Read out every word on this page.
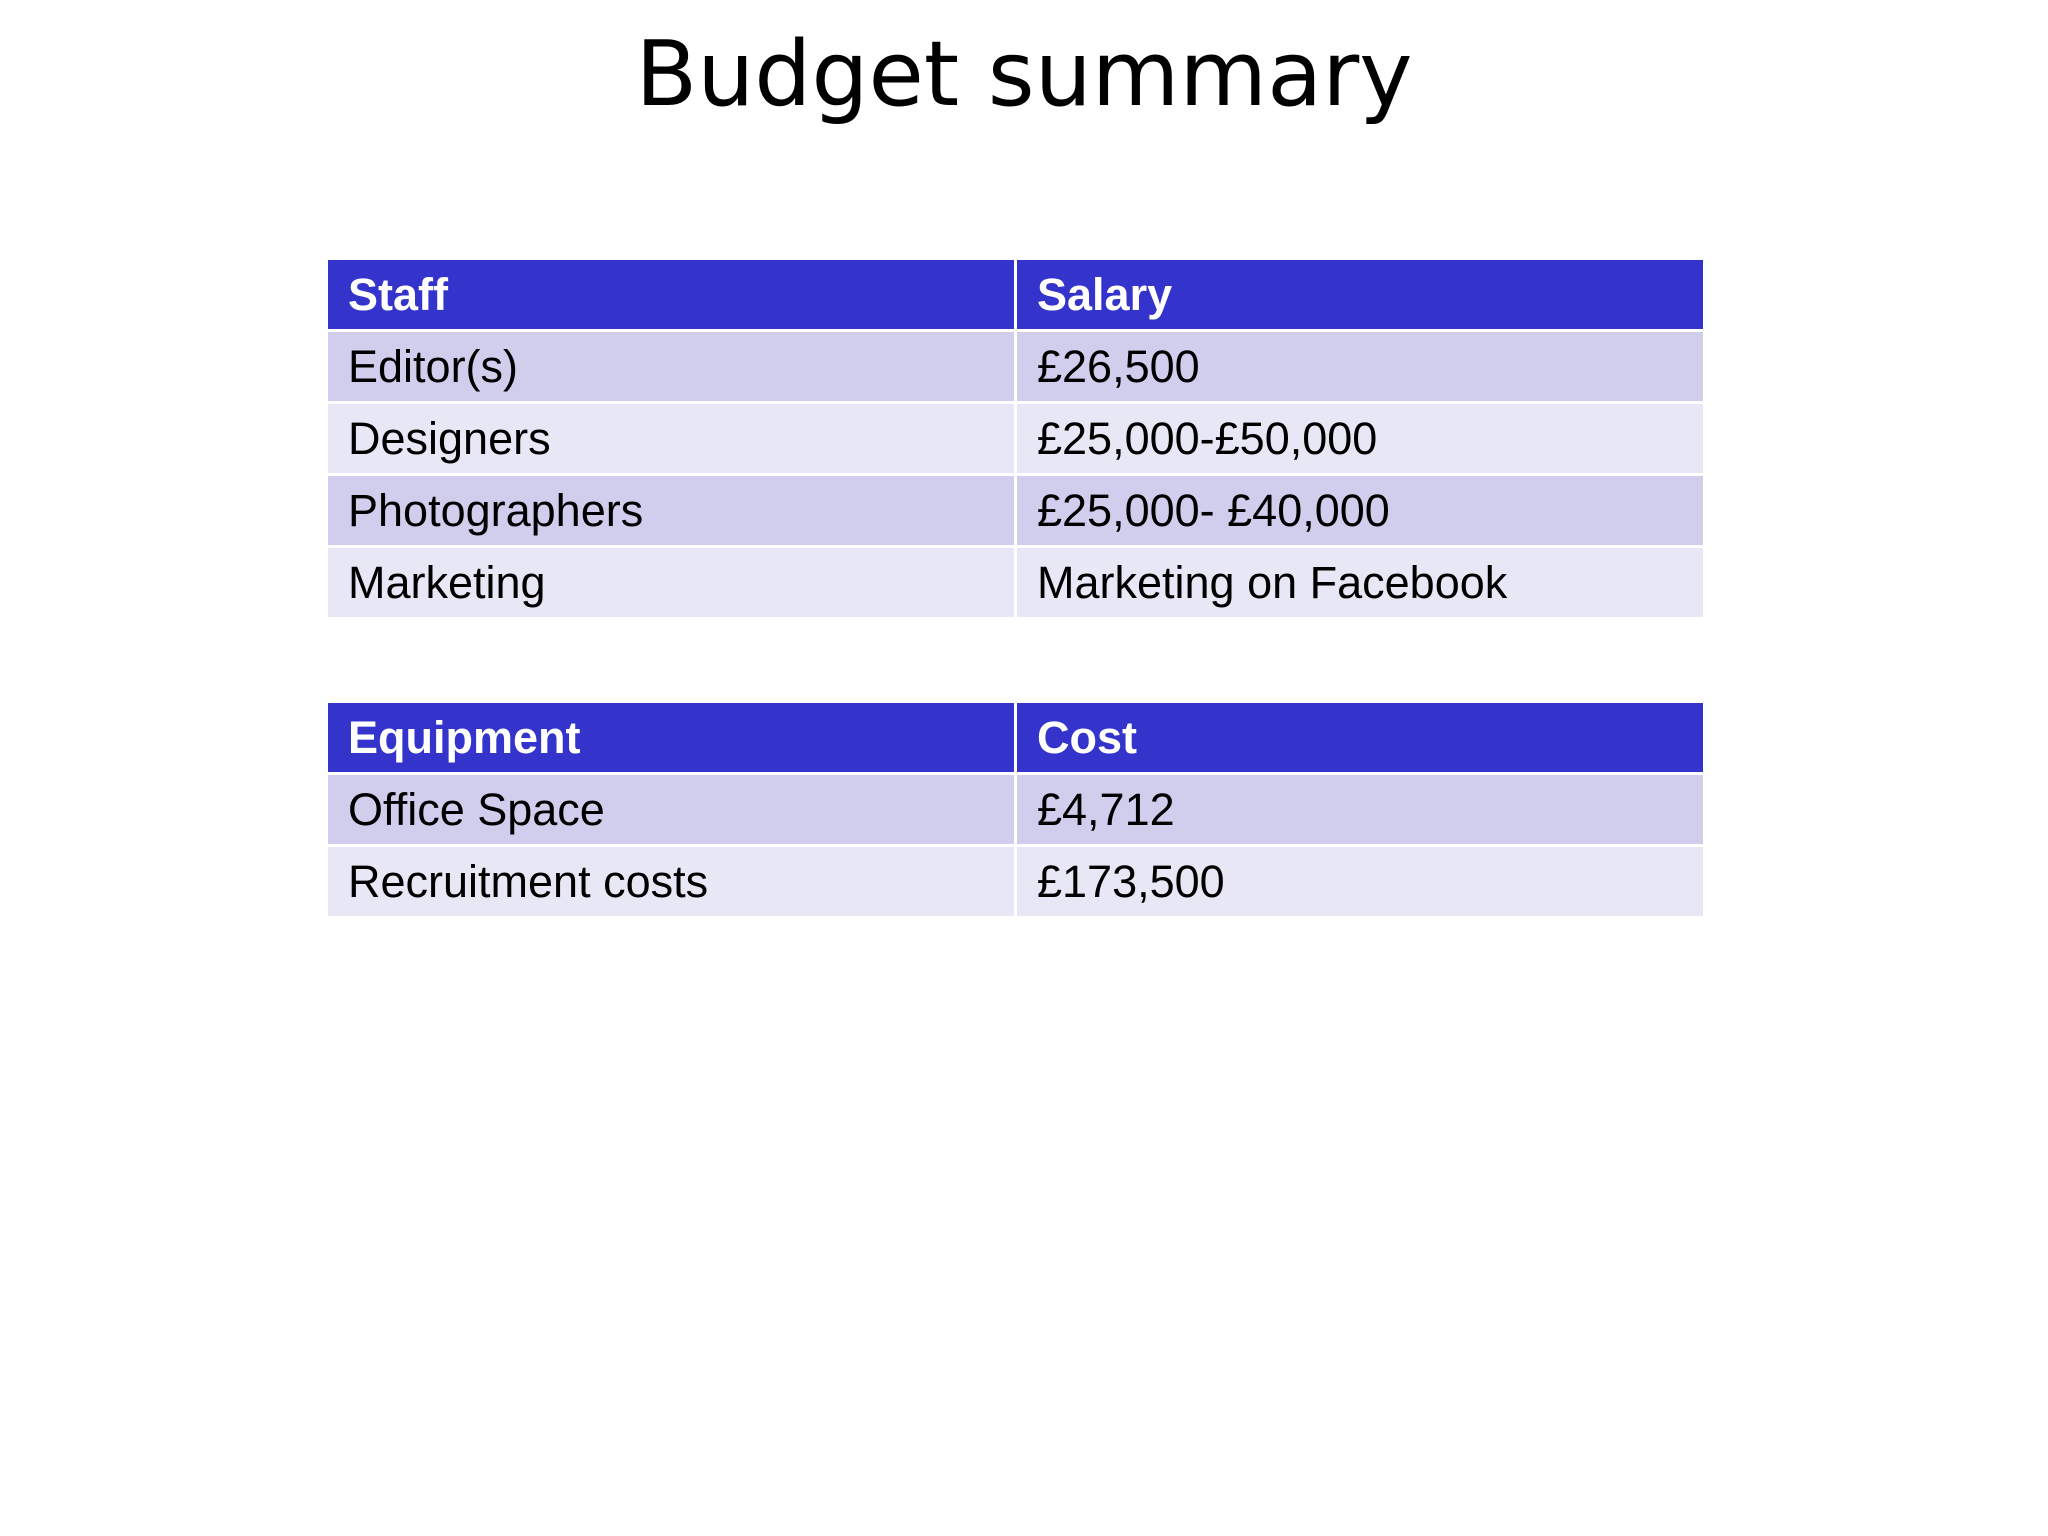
Budget summary
Staff	Salary
Editor(s)	£26,500
Designers	£25,000-£50,000
Photographers	£25,000- £40,000
Marketing	Marketing on Facebook
Equipment	Cost
Office Space	£4,712
Recruitment costs	£173,500
